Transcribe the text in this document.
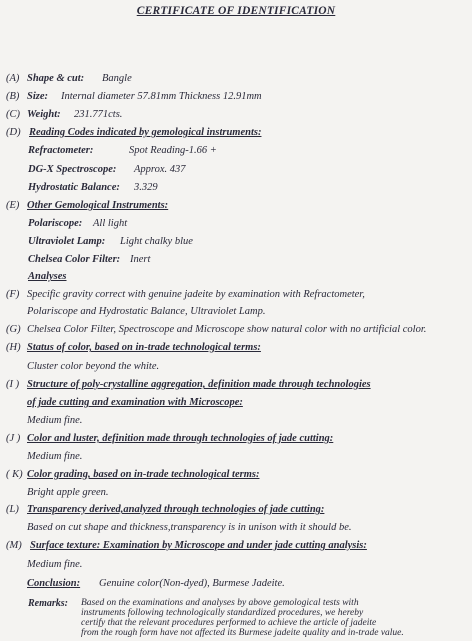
CERTIFICATE OF IDENTIFICATION
(A) Shape & cut: Bangle
(B) Size: Internal diameter 57.81mm Thickness 12.91mm
(C) Weight: 231.771cts.
(D) Reading Codes indicated by gemological instruments:
Refractometer:	Spot Reading-1.66 +
DG-X Spectroscope: Approx. 437
Hydrostatic Balance: 3.329
(E) Other Gemological Instruments:
Polariscope: All light
Ultraviolet Lamp: Light chalky blue
Chelsea Color Filter: Inert
Analyses
(F) Specific gravity correct with genuine jadeite by examination with Refractometer,
Polariscope and Hydrostatic Balance, Ultraviolet Lamp.
(G) Chelsea Color Filter, Spectroscope and Microscope show natural color with no artificial color.
(H) Status of color, based on in-trade technological terms:
Cluster color beyond the white.
(I ) Structure of poly-crystalline aggregation, definition made through technologies
of jade cutting and examination with Microscope:
Medium fine.
(J ) Color and luster, definition made through technologies of jade cutting:
Medium fine.
( K) Color grading, based on in-trade technological terms:
Bright apple green.
(L) Transparency derived,analyzed through technologies of jade cutting:
Based on cut shape and thickness,transparency is in unison with it should be.
(M) Surface texture: Examination by Microscope and under jade cutting analysis:
Medium fine.
Conclusion: Genuine color(Non-dyed), Burmese Jadeite.
Remarks: Based on the examinations and analyses by above gemological tests with
instruments following technologically standardized procedures, we hereby
certify that the relevant procedures performed to achieve the article of jadeite
from the rough form have not affected its Burmese jadeite quality and in-trade value.
